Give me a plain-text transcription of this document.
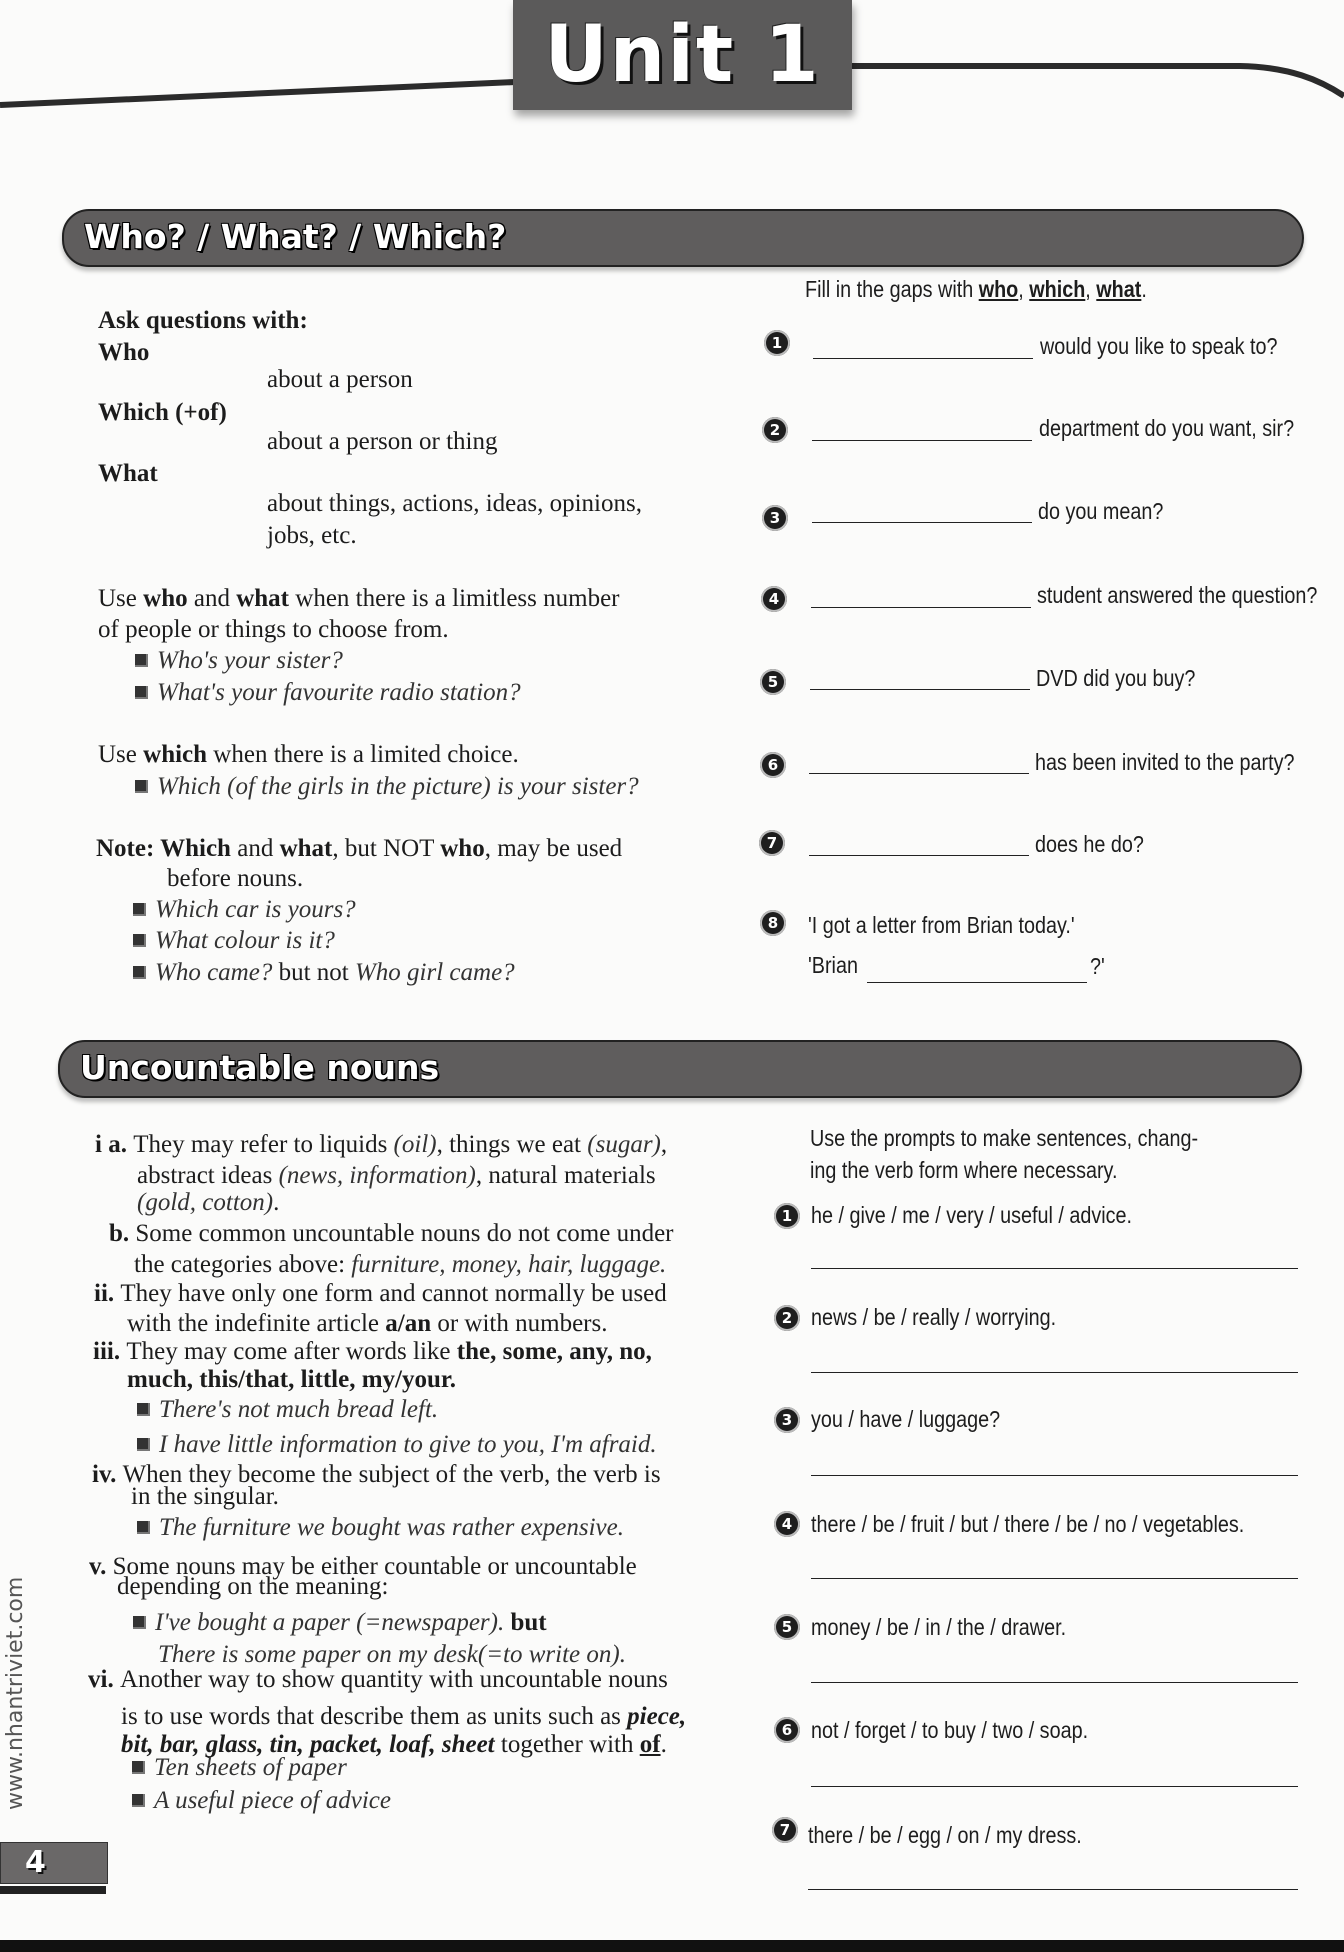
Unit 1
Who? / What? / Which?
Ask questions with:
Who
about a person
Which (+of)
about a person or thing
What
about things, actions, ideas, opinions,
jobs, etc.
Use who and what when there is a limitless number
of people or things to choose from.
Who's your sister?
What's your favourite radio station?
Use which when there is a limited choice.
Which (of the girls in the picture) is your sister?
Note: Which and what, but NOT who, may be used
before nouns.
Which car is yours?
What colour is it?
Who came? but not Who girl came?
Fill in the gaps with who, which, what.
1	would you like to speak to?
2	department do you want, sir?
3	do you mean?
4	student answered the question?
5	DVD did you buy?
6	has been invited to the party?
7	does he do?
8	'I got a letter from Brian today.'
'Brian	?'
Uncountable nouns
i a. They may refer to liquids (oil), things we eat (sugar),
abstract ideas (news, information), natural materials
(gold, cotton).
b. Some common uncountable nouns do not come under
the categories above: furniture, money, hair, luggage.
ii. They have only one form and cannot normally be used
with the indefinite article a/an or with numbers.
iii. They may come after words like the, some, any, no,
much, this/that, little, my/your.
There's not much bread left.
I have little information to give to you, I'm afraid.
iv. When they become the subject of the verb, the verb is
in the singular.
The furniture we bought was rather expensive.
v. Some nouns may be either countable or uncountable
depending on the meaning:
I've bought a paper (=newspaper). but
There is some paper on my desk(=to write on).
vi. Another way to show quantity with uncountable nouns
is to use words that describe them as units such as piece,
bit, bar, glass, tin, packet, loaf, sheet together with of.
Ten sheets of paper
A useful piece of advice
Use the prompts to make sentences, chang-
ing the verb form where necessary.
1 he / give / me / very / useful / advice.
2 news / be / really / worrying.
3 you / have / luggage?
4 there / be / fruit / but / there / be / no / vegetables.
5 money / be / in / the / drawer.
6 not / forget / to buy / two / soap.
7 there / be / egg / on / my dress.
www.nhantriviet.com
4
